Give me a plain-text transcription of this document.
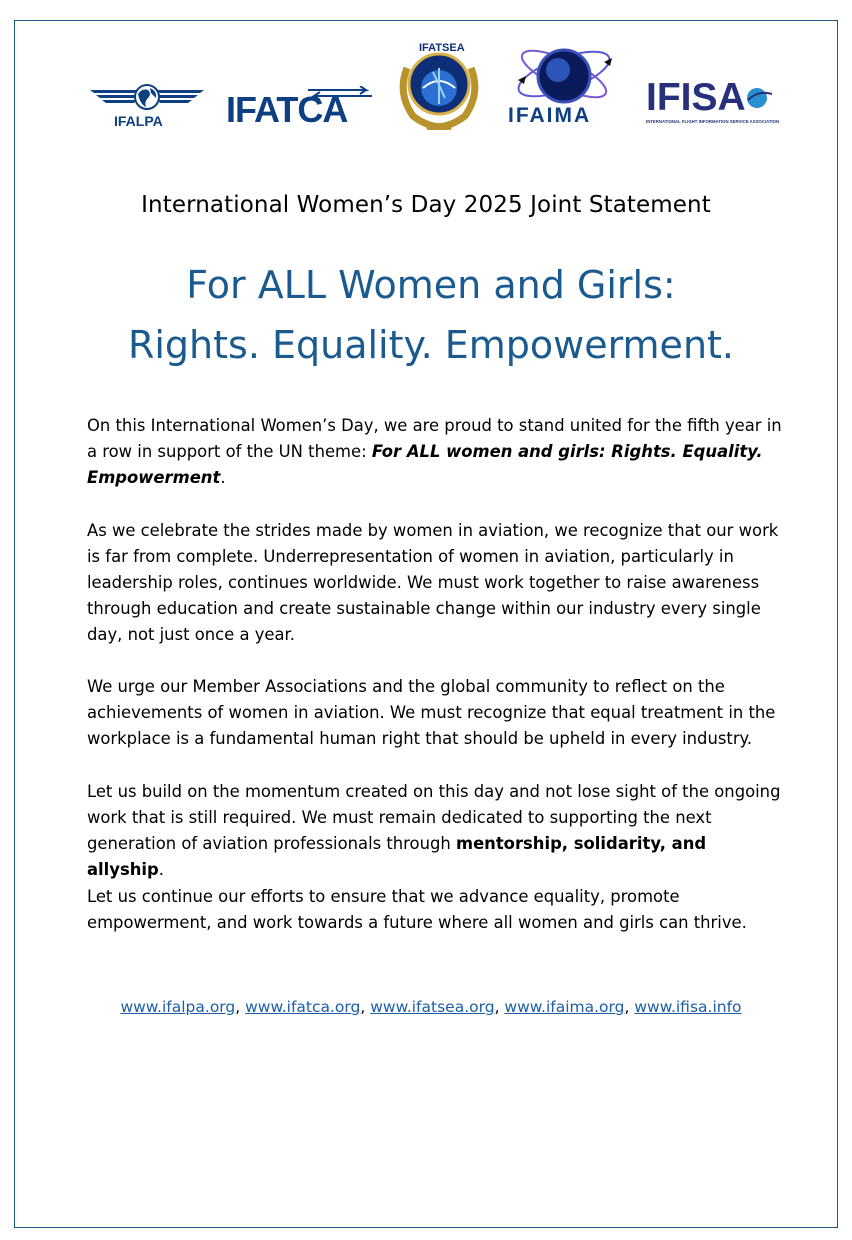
IFALPA IFATCA
IFATSEA
IFAIMA IFISA
INTERNATIONAL FLIGHT INFORMATION SERVICE ASSOCIATION
International Women’s Day 2025 Joint Statement
For ALL Women and Girls:
Rights. Equality. Empowerment.
On this International Women’s Day, we are proud to stand united for the fifth year in a row in support of the UN theme: For ALL women and girls: Rights. Equality. Empowerment.
As we celebrate the strides made by women in aviation, we recognize that our work is far from complete. Underrepresentation of women in aviation, particularly in leadership roles, continues worldwide. We must work together to raise awareness through education and create sustainable change within our industry every single day, not just once a year.
We urge our Member Associations and the global community to reflect on the achievements of women in aviation. We must recognize that equal treatment in the workplace is a fundamental human right that should be upheld in every industry.
Let us build on the momentum created on this day and not lose sight of the ongoing work that is still required. We must remain dedicated to supporting the next generation of aviation professionals through mentorship, solidarity, and allyship.
Let us continue our efforts to ensure that we advance equality, promote empowerment, and work towards a future where all women and girls can thrive.
www.ifalpa.org, www.ifatca.org, www.ifatsea.org, www.ifaima.org, www.ifisa.info
